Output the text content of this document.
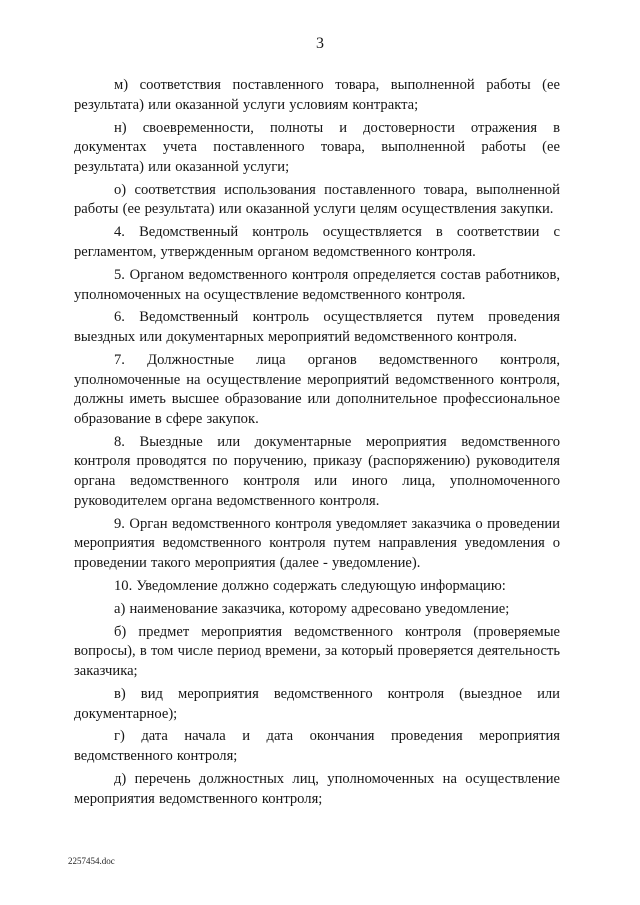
3

м) соответствия поставленного товара, выполненной работы (ее результата) или оказанной услуги условиям контракта;

н) своевременности, полноты и достоверности отражения в документах учета поставленного товара, выполненной работы (ее результата) или оказанной услуги;

о) соответствия использования поставленного товара, выполненной работы (ее результата) или оказанной услуги целям осуществления закупки.

4. Ведомственный контроль осуществляется в соответствии с регламентом, утвержденным органом ведомственного контроля.

5. Органом ведомственного контроля определяется состав работников, уполномоченных на осуществление ведомственного контроля.

6. Ведомственный контроль осуществляется путем проведения выездных или документарных мероприятий ведомственного контроля.

7. Должностные лица органов ведомственного контроля, уполномоченные на осуществление мероприятий ведомственного контроля, должны иметь высшее образование или дополнительное профессиональное образование в сфере закупок.

8. Выездные или документарные мероприятия ведомственного контроля проводятся по поручению, приказу (распоряжению) руководителя органа ведомственного контроля или иного лица, уполномоченного руководителем органа ведомственного контроля.

9. Орган ведомственного контроля уведомляет заказчика о проведении мероприятия ведомственного контроля путем направления уведомления о проведении такого мероприятия (далее - уведомление).

10. Уведомление должно содержать следующую информацию:

а) наименование заказчика, которому адресовано уведомление;

б) предмет мероприятия ведомственного контроля (проверяемые вопросы), в том числе период времени, за который проверяется деятельность заказчика;

в) вид мероприятия ведомственного контроля (выездное или документарное);

г) дата начала и дата окончания проведения мероприятия ведомственного контроля;

д) перечень должностных лиц, уполномоченных на осуществление мероприятия ведомственного контроля;

2257454.doc
